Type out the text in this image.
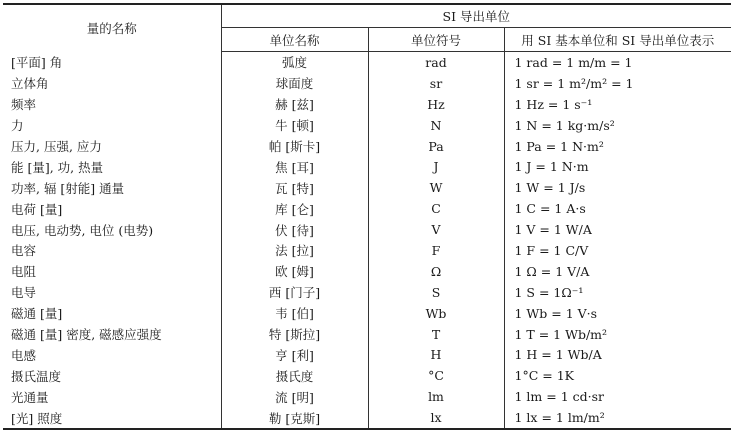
量的名称	SI 导出单位		
	单位名称	单位符号	用 SI 基本单位和 SI 导出单位表示
[平面] 角	弧度	rad	1 rad = 1 m/m = 1
立体角	球面度	sr	1 sr = 1 m²/m² = 1
频率	赫 [兹]	Hz	1 Hz = 1 s⁻¹
力	牛 [顿]	N	1 N = 1 kg·m/s²
压力, 压强, 应力	帕 [斯卡]	Pa	1 Pa = 1 N·m²
能 [量], 功, 热量	焦 [耳]	J	1 J = 1 N·m
功率, 辐 [射能] 通量	瓦 [特]	W	1 W = 1 J/s
电荷 [量]	库 [仑]	C	1 C = 1 A·s
电压, 电动势, 电位 (电势)	伏 [待]	V	1 V = 1 W/A
电容	法 [拉]	F	1 F = 1 C/V
电阻	欧 [姆]	Ω	1 Ω = 1 V/A
电导	西 [门子]	S	1 S = 1Ω⁻¹
磁通 [量]	韦 [伯]	Wb	1 Wb = 1 V·s
磁通 [量] 密度, 磁感应强度	特 [斯拉]	T	1 T = 1 Wb/m²
电感	亨 [利]	H	1 H = 1 Wb/A
摄氏温度	摄氏度	°C	1°C = 1K
光通量	流 [明]	lm	1 lm = 1 cd·sr
[光] 照度	勒 [克斯]	lx	1 lx = 1 lm/m²
